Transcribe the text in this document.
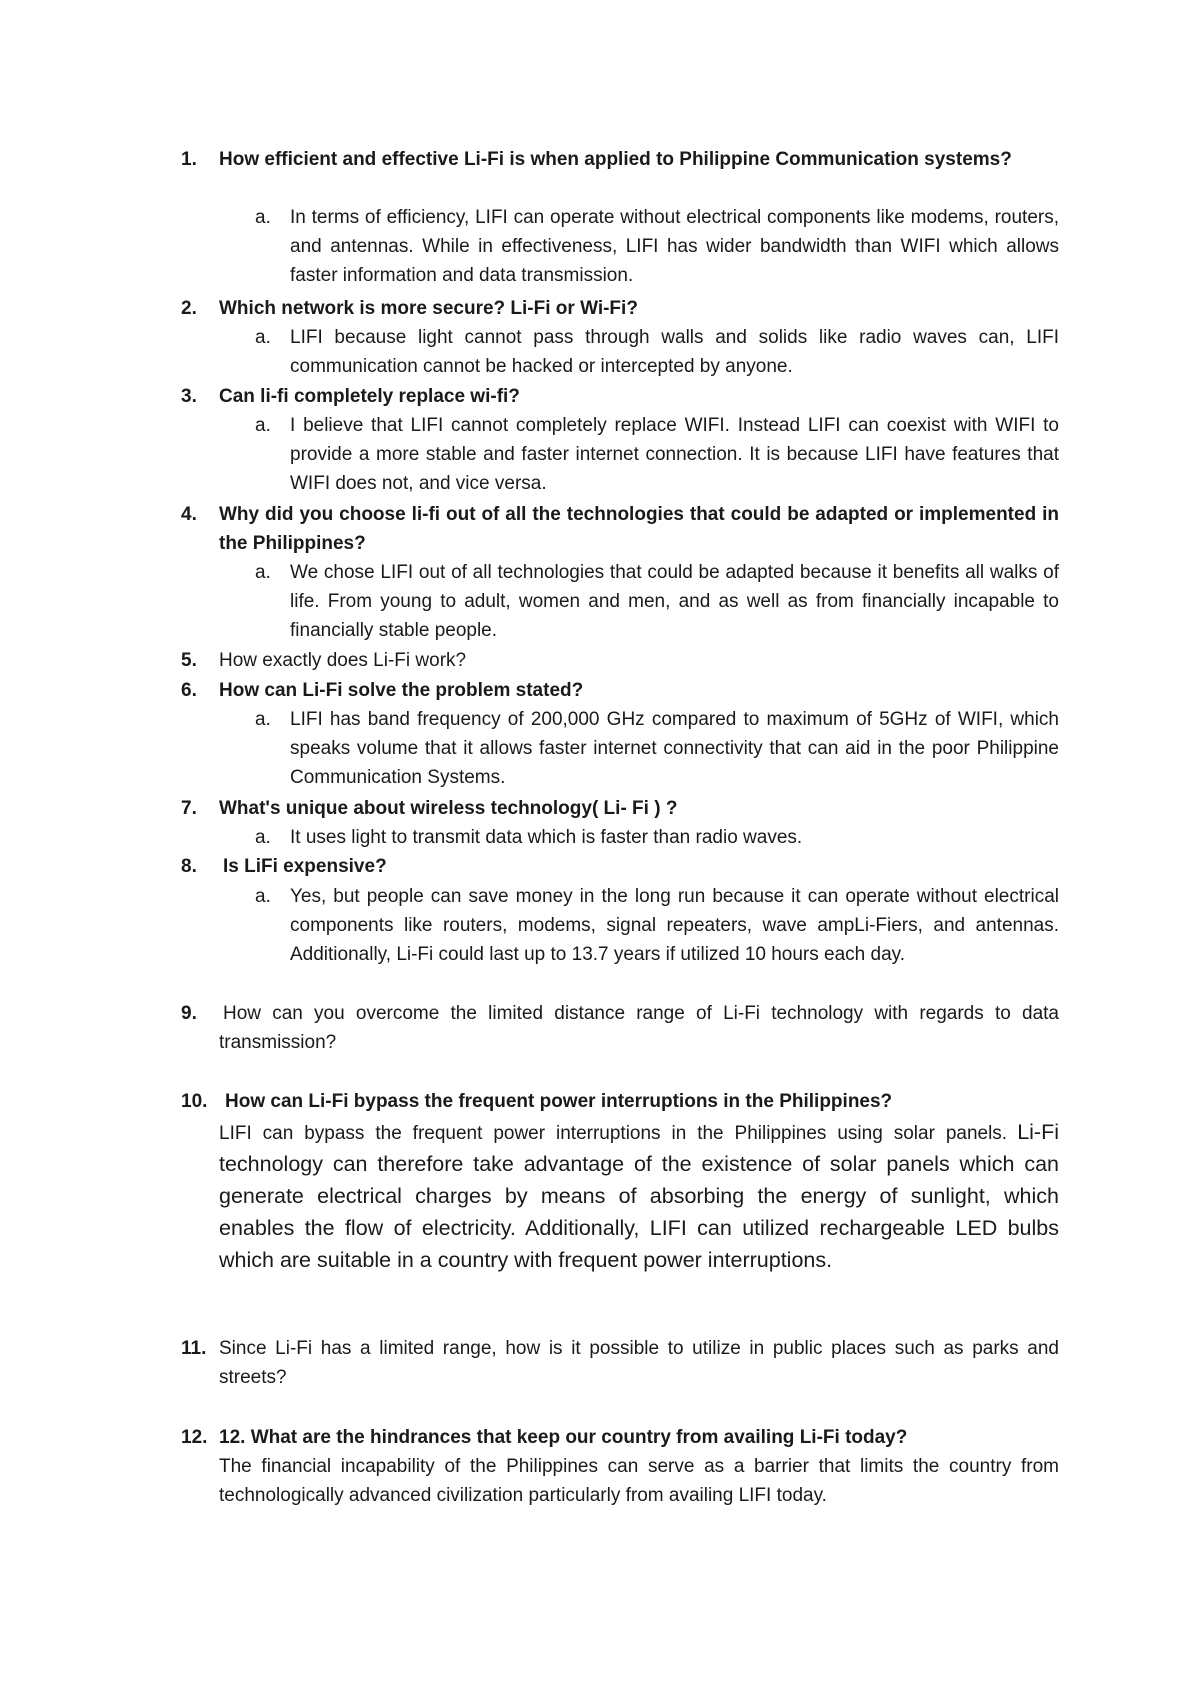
1.	How efficient and effective Li-Fi is when applied to Philippine Communication systems?
a.	In terms of efficiency, LIFI can operate without electrical components like modems, routers, and antennas. While in effectiveness, LIFI has wider bandwidth than WIFI which allows faster information and data transmission.
2.	Which network is more secure? Li-Fi or Wi-Fi?
a.	LIFI because light cannot pass through walls and solids like radio waves can, LIFI communication cannot be hacked or intercepted by anyone.
3.	Can li-fi completely replace wi-fi?
a.	I believe that LIFI cannot completely replace WIFI. Instead LIFI can coexist with WIFI to provide a more stable and faster internet connection. It is because LIFI have features that WIFI does not, and vice versa.
4.	Why did you choose li-fi out of all the technologies that could be adapted or implemented in the Philippines?
a.	We chose LIFI out of all technologies that could be adapted because it benefits all walks of life. From young to adult, women and men, and as well as from financially incapable to financially stable people.
5.	How exactly does Li-Fi work?
6.	How can Li-Fi solve the problem stated?
a.	LIFI has band frequency of 200,000 GHz compared to maximum of 5GHz of WIFI, which speaks volume that it allows faster internet connectivity that can aid in the poor Philippine Communication Systems.
7.	What's unique about wireless technology( Li- Fi ) ?
a.	It uses light to transmit data which is faster than radio waves.
8.	Is LiFi expensive?
a.	Yes, but people can save money in the long run because it can operate without electrical components like routers, modems, signal repeaters, wave ampLi-Fiers, and antennas. Additionally, Li-Fi could last up to 13.7 years if utilized 10 hours each day.
9.	How can you overcome the limited distance range of Li-Fi technology with regards to data transmission?
10. How can Li-Fi bypass the frequent power interruptions in the Philippines?
LIFI can bypass the frequent power interruptions in the Philippines using solar panels. Li-Fi technology can therefore take advantage of the existence of solar panels which can generate electrical charges by means of absorbing the energy of sunlight, which enables the flow of electricity. Additionally, LIFI can utilized rechargeable LED bulbs which are suitable in a country with frequent power interruptions.
11. Since Li-Fi has a limited range, how is it possible to utilize in public places such as parks and streets?
12. 12. What are the hindrances that keep our country from availing Li-Fi today?
The financial incapability of the Philippines can serve as a barrier that limits the country from technologically advanced civilization particularly from availing LIFI today.
